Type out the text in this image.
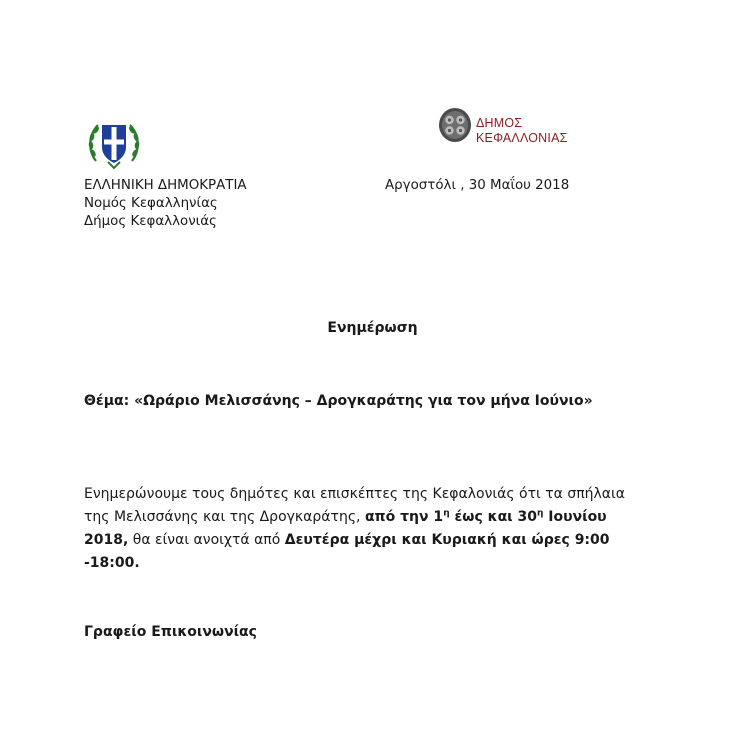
ΔΗΜΟΣ
ΚΕΦΑΛΛΟΝΙΑΣ
ΕΛΛΗΝΙΚΗ ΔΗΜΟΚΡΑΤΙΑ
Νομός Κεφαλληνίας
Δήμος Κεφαλλονιάς
Αργοστόλι , 30 Μαΐου 2018
Ενημέρωση
Θέμα: «Ωράριο Μελισσάνης – Δρογκαράτης για τον μήνα Ιούνιο»
Ενημερώνουμε τους δημότες και επισκέπτες της Κεφαλονιάς ότι τα σπήλαια της Μελισσάνης και της Δρογκαράτης, από την $1^\eta$ έως και $30^\eta$ Ιουνίου 2018, θα είναι ανοιχτά από Δευτέρα μέχρι και Κυριακή και ώρες 9:00 -18:00.
Γραφείο Επικοινωνίας
